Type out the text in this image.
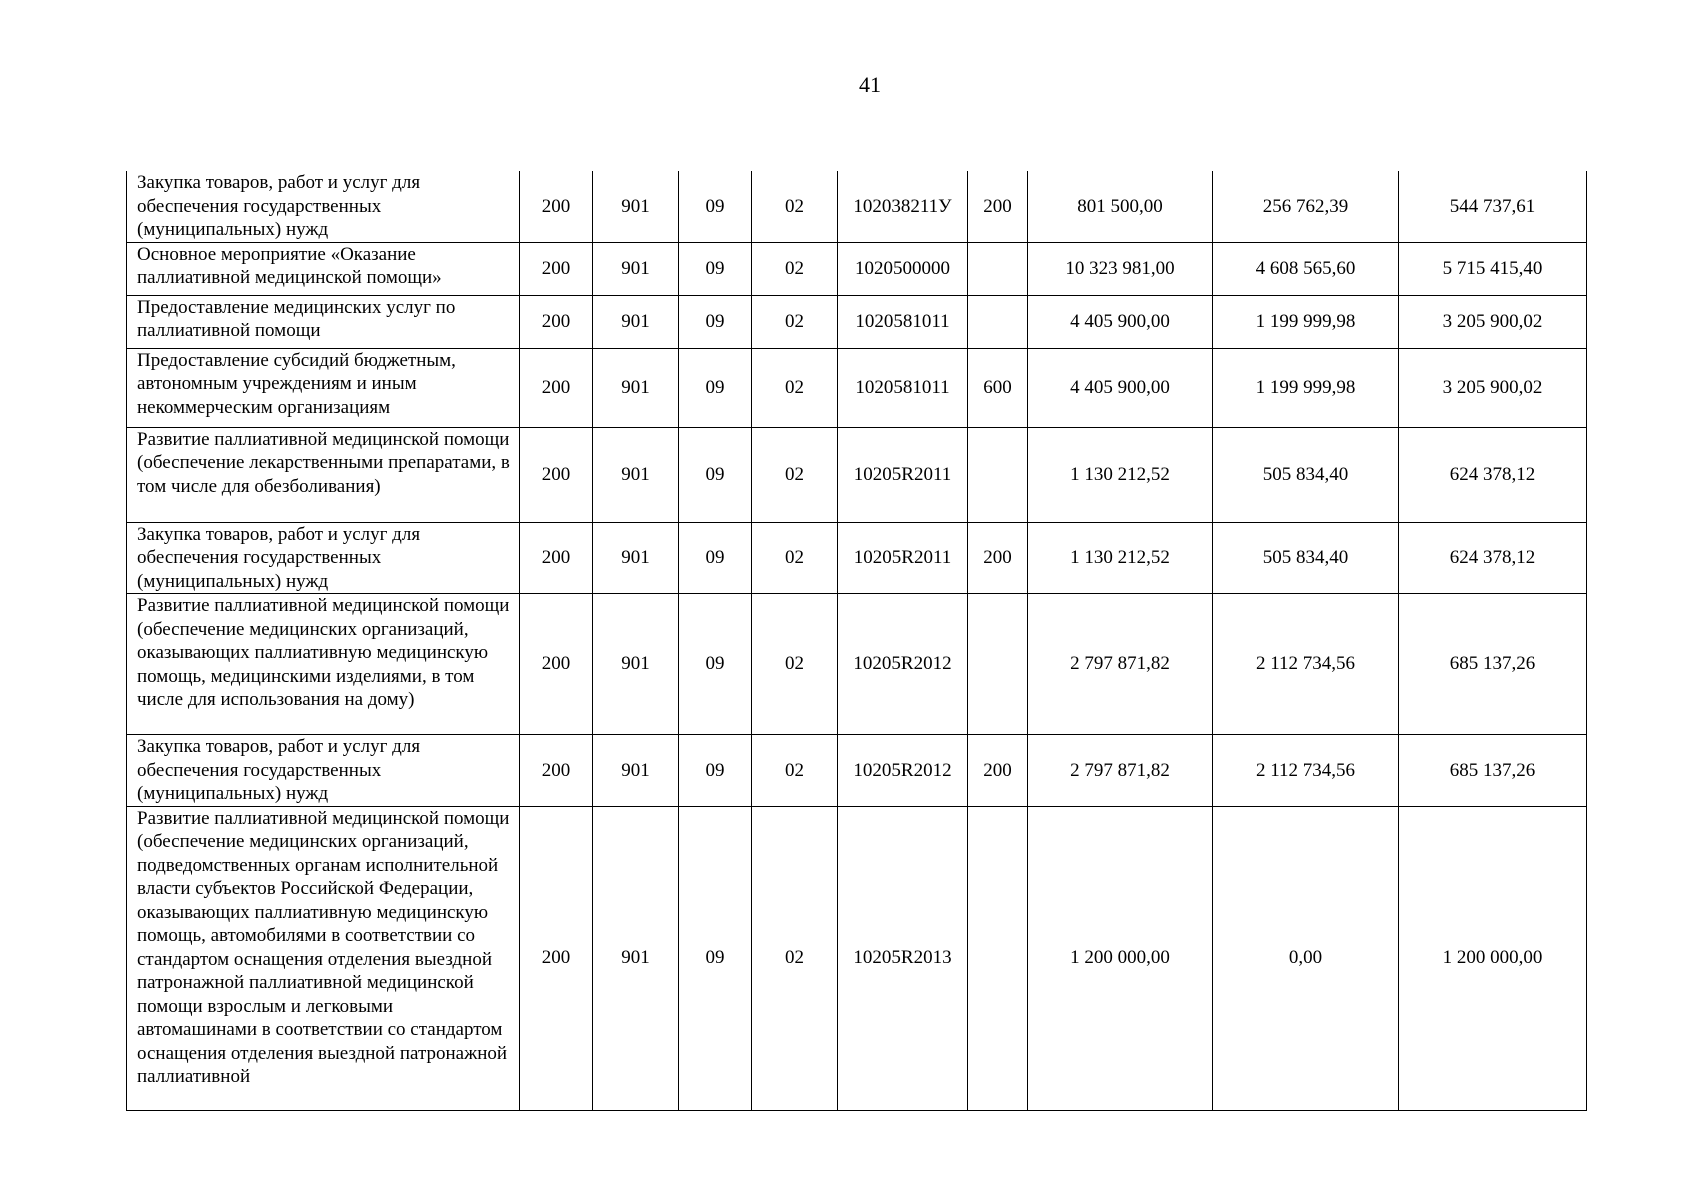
41
Закупка товаров, работ и услуг для обеспечения государственных (муниципальных) нужд	200	901	09	02	102038211У	200	801 500,00	256 762,39	544 737,61
Основное мероприятие «Оказание паллиативной медицинской помощи»	200	901	09	02	1020500000		10 323 981,00	4 608 565,60	5 715 415,40
Предоставление медицинских услуг по паллиативной помощи	200	901	09	02	1020581011		4 405 900,00	1 199 999,98	3 205 900,02
Предоставление субсидий бюджетным, автономным учреждениям и иным некоммерческим организациям	200	901	09	02	1020581011	600	4 405 900,00	1 199 999,98	3 205 900,02
Развитие паллиативной медицинской помощи (обеспечение лекарственными препаратами, в том числе для обезболивания)	200	901	09	02	10205R2011		1 130 212,52	505 834,40	624 378,12
Закупка товаров, работ и услуг для обеспечения государственных (муниципальных) нужд	200	901	09	02	10205R2011	200	1 130 212,52	505 834,40	624 378,12
Развитие паллиативной медицинской помощи (обеспечение медицинских организаций, оказывающих паллиативную медицинскую помощь, медицинскими изделиями, в том числе для использования на дому)	200	901	09	02	10205R2012		2 797 871,82	2 112 734,56	685 137,26
Закупка товаров, работ и услуг для обеспечения государственных (муниципальных) нужд	200	901	09	02	10205R2012	200	2 797 871,82	2 112 734,56	685 137,26
Развитие паллиативной медицинской помощи (обеспечение медицинских организаций, подведомственных органам исполнительной власти субъектов Российской Федерации, оказывающих паллиативную медицинскую помощь, автомобилями в соответствии со стандартом оснащения отделения выездной патронажной паллиативной медицинской помощи взрослым и легковыми автомашинами в соответствии со стандартом оснащения отделения выездной патронажной паллиативной	200	901	09	02	10205R2013		1 200 000,00	0,00	1 200 000,00
